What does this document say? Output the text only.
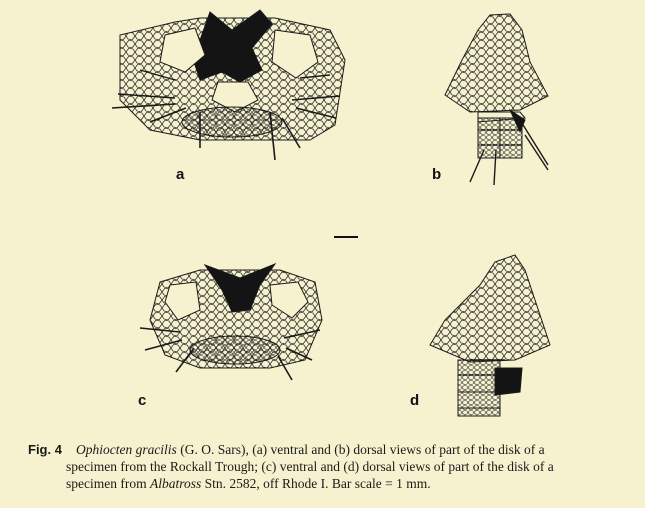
a	b
c	d
Fig. 4 Ophiocten gracilis (G. O. Sars), (a) ventral and (b) dorsal views of part of the disk of a
specimen from the Rockall Trough; (c) ventral and (d) dorsal views of part of the disk of a
specimen from Albatross Stn. 2582, off Rhode I. Bar scale = 1 mm.
